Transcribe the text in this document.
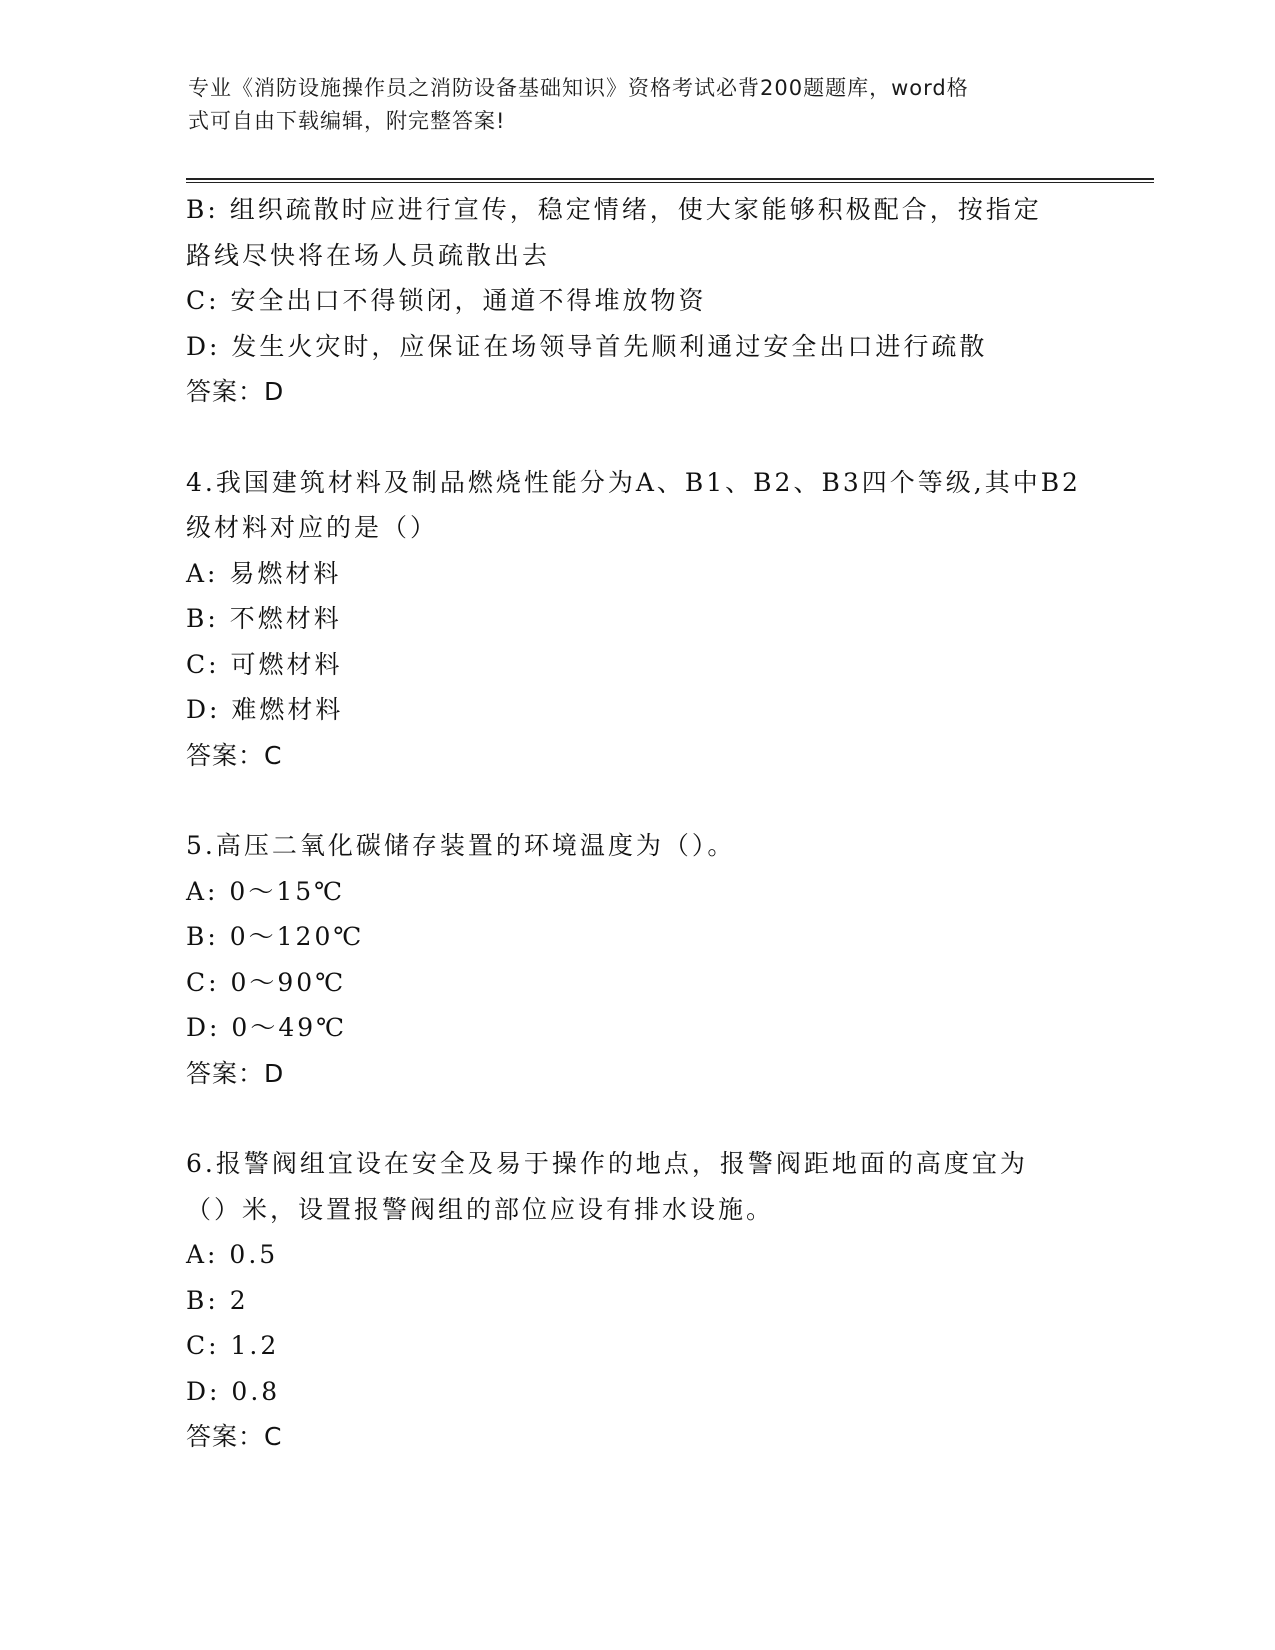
专业《消防设施操作员之消防设备基础知识》资格考试必背200题题库，word格
式可自由下载编辑，附完整答案!
B: 组织疏散时应进行宣传，稳定情绪，使大家能够积极配合，按指定
路线尽快将在场人员疏散出去
C: 安全出口不得锁闭，通道不得堆放物资
D: 发生火灾时，应保证在场领导首先顺利通过安全出口进行疏散
答案：D
4.我国建筑材料及制品燃烧性能分为A、B1、B2、B3四个等级,其中B2
级材料对应的是（）
A: 易燃材料
B: 不燃材料
C: 可燃材料
D: 难燃材料
答案：C
5.高压二氧化碳储存装置的环境温度为（）。
A: 0～15℃
B: 0～120℃
C: 0～90℃
D: 0～49℃
答案：D
6.报警阀组宜设在安全及易于操作的地点，报警阀距地面的高度宜为
（）米，设置报警阀组的部位应设有排水设施。
A: 0.5
B: 2
C: 1.2
D: 0.8
答案：C
